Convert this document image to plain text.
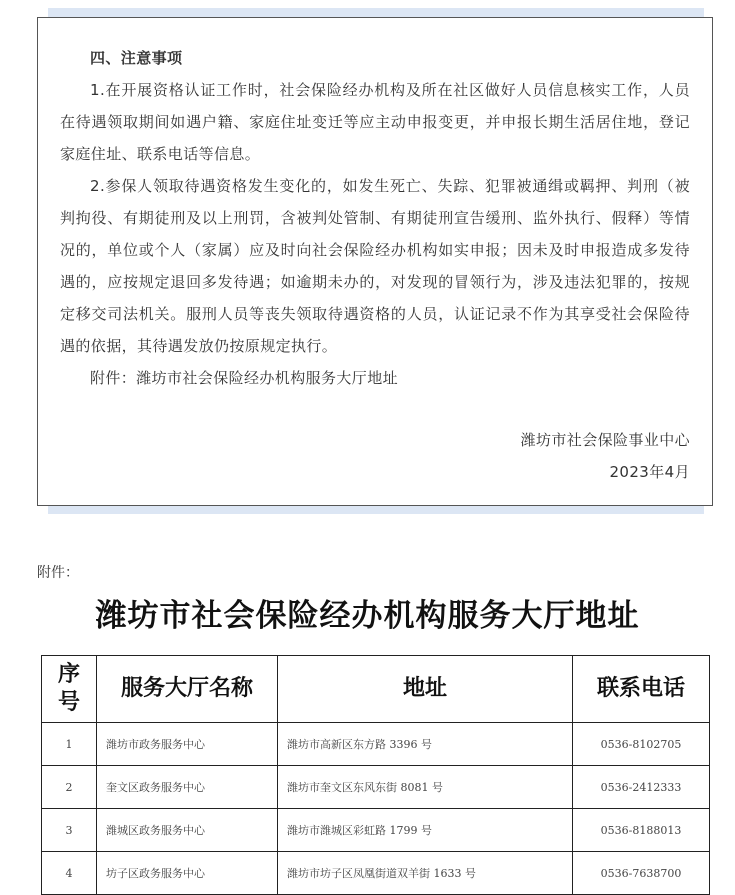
四、注意事项

1.在开展资格认证工作时，社会保险经办机构及所在社区做好人员信息核实工作，人员在待遇领取期间如遇户籍、家庭住址变迁等应主动申报变更，并申报长期生活居住地，登记家庭住址、联系电话等信息。

2.参保人领取待遇资格发生变化的，如发生死亡、失踪、犯罪被通缉或羁押、判刑（被判拘役、有期徒刑及以上刑罚，含被判处管制、有期徒刑宣告缓刑、监外执行、假释）等情况的，单位或个人（家属）应及时向社会保险经办机构如实申报；因未及时申报造成多发待遇的，应按规定退回多发待遇；如逾期未办的，对发现的冒领行为，涉及违法犯罪的，按规定移交司法机关。服刑人员等丧失领取待遇资格的人员，认证记录不作为其享受社会保险待遇的依据，其待遇发放仍按原规定执行。

附件：潍坊市社会保险经办机构服务大厅地址

潍坊市社会保险事业中心

2023年4月

附件：
潍坊市社会保险经办机构服务大厅地址
序
号	服务大厅名称	地址	联系电话
1	潍坊市政务服务中心	潍坊市高新区东方路 3396 号	0536-8102705
2	奎文区政务服务中心	潍坊市奎文区东风东街 8081 号	0536-2412333
3	潍城区政务服务中心	潍坊市潍城区彩虹路 1799 号	0536-8188013
4	坊子区政务服务中心	潍坊市坊子区凤凰街道双羊街 1633 号	0536-7638700
